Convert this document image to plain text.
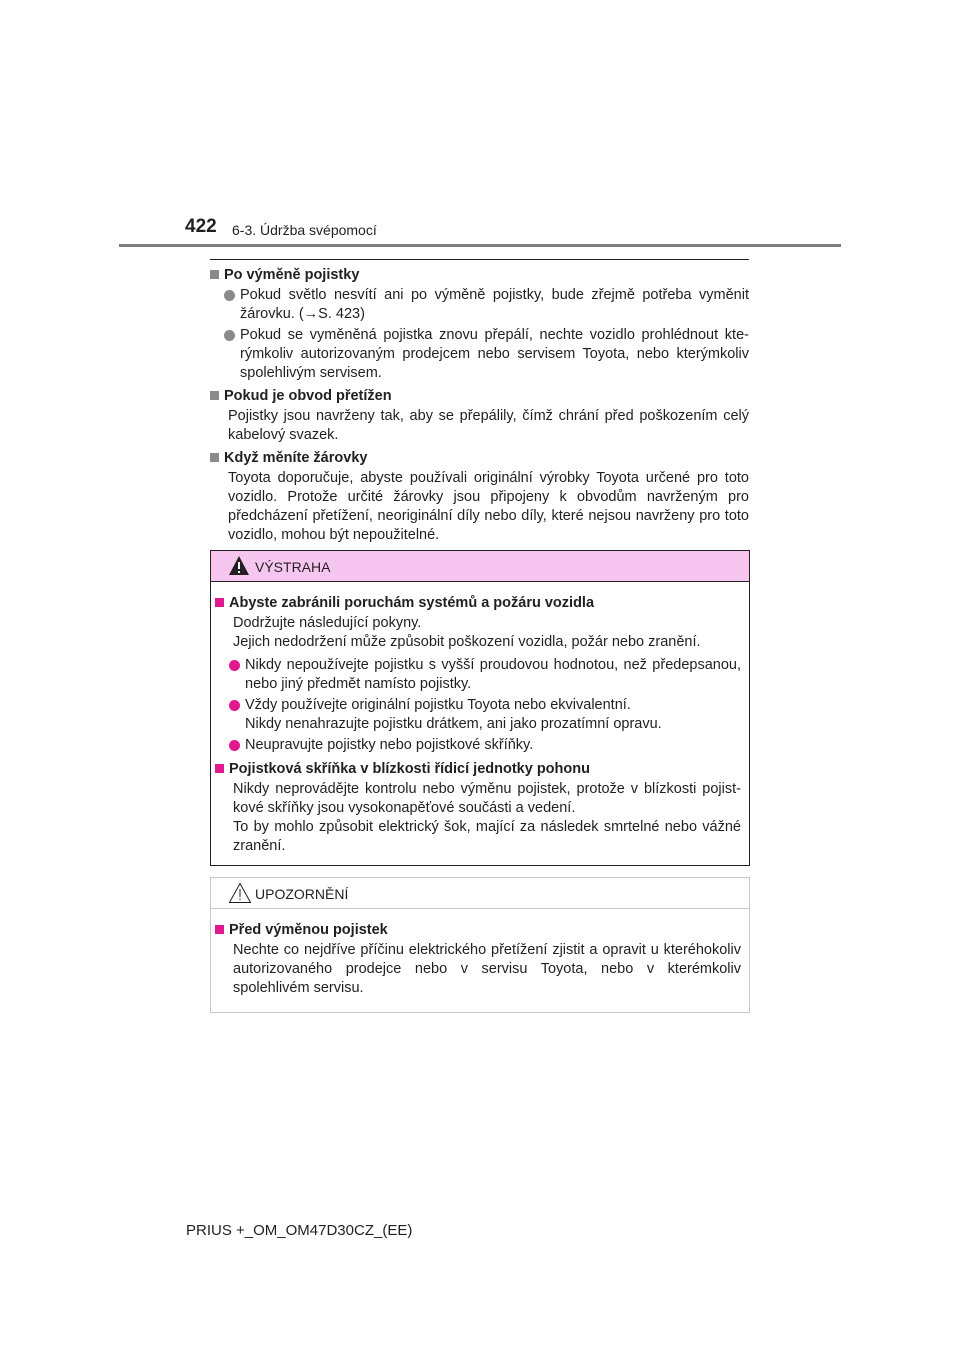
422 6-3. Údržba svépomocí
Po výměně pojistky
Pokud světlo nesvítí ani po výměně pojistky, bude zřejmě potřeba vyměnit žárovku. (→S. 423)
Pokud se vyměněná pojistka znovu přepálí, nechte vozidlo prohlédnout kterýmkoliv autorizovaným prodejcem nebo servisem Toyota, nebo kterýmkoliv spolehlivým servisem.
Pokud je obvod přetížen
Pojistky jsou navrženy tak, aby se přepálily, čímž chrání před poškozením celý kabelový svazek.
Když měníte žárovky
Toyota doporučuje, abyste používali originální výrobky Toyota určené pro toto vozidlo. Protože určité žárovky jsou připojeny k obvodům navrženým pro předcházení přetížení, neoriginální díly nebo díly, které nejsou navrženy pro toto vozidlo, mohou být nepoužitelné.
VÝSTRAHA
Abyste zabránili poruchám systémů a požáru vozidla
Dodržujte následující pokyny.
Jejich nedodržení může způsobit poškození vozidla, požár nebo zranění.
Nikdy nepoužívejte pojistku s vyšší proudovou hodnotou, než předepsanou, nebo jiný předmět namísto pojistky.
Vždy používejte originální pojistku Toyota nebo ekvivalentní.
Nikdy nenahrazujte pojistku drátkem, ani jako prozatímní opravu.
Neupravujte pojistky nebo pojistkové skříňky.
Pojistková skříňka v blízkosti řídicí jednotky pohonu
Nikdy neprovádějte kontrolu nebo výměnu pojistek, protože v blízkosti pojistkové skříňky jsou vysokonapěťové součásti a vedení.
To by mohlo způsobit elektrický šok, mající za následek smrtelné nebo vážné zranění.
UPOZORNĚNÍ
Před výměnou pojistek
Nechte co nejdříve příčinu elektrického přetížení zjistit a opravit u kteréhokoliv autorizovaného prodejce nebo v servisu Toyota, nebo v kterémkoliv spolehlivém servisu.
PRIUS +_OM_OM47D30CZ_(EE)
